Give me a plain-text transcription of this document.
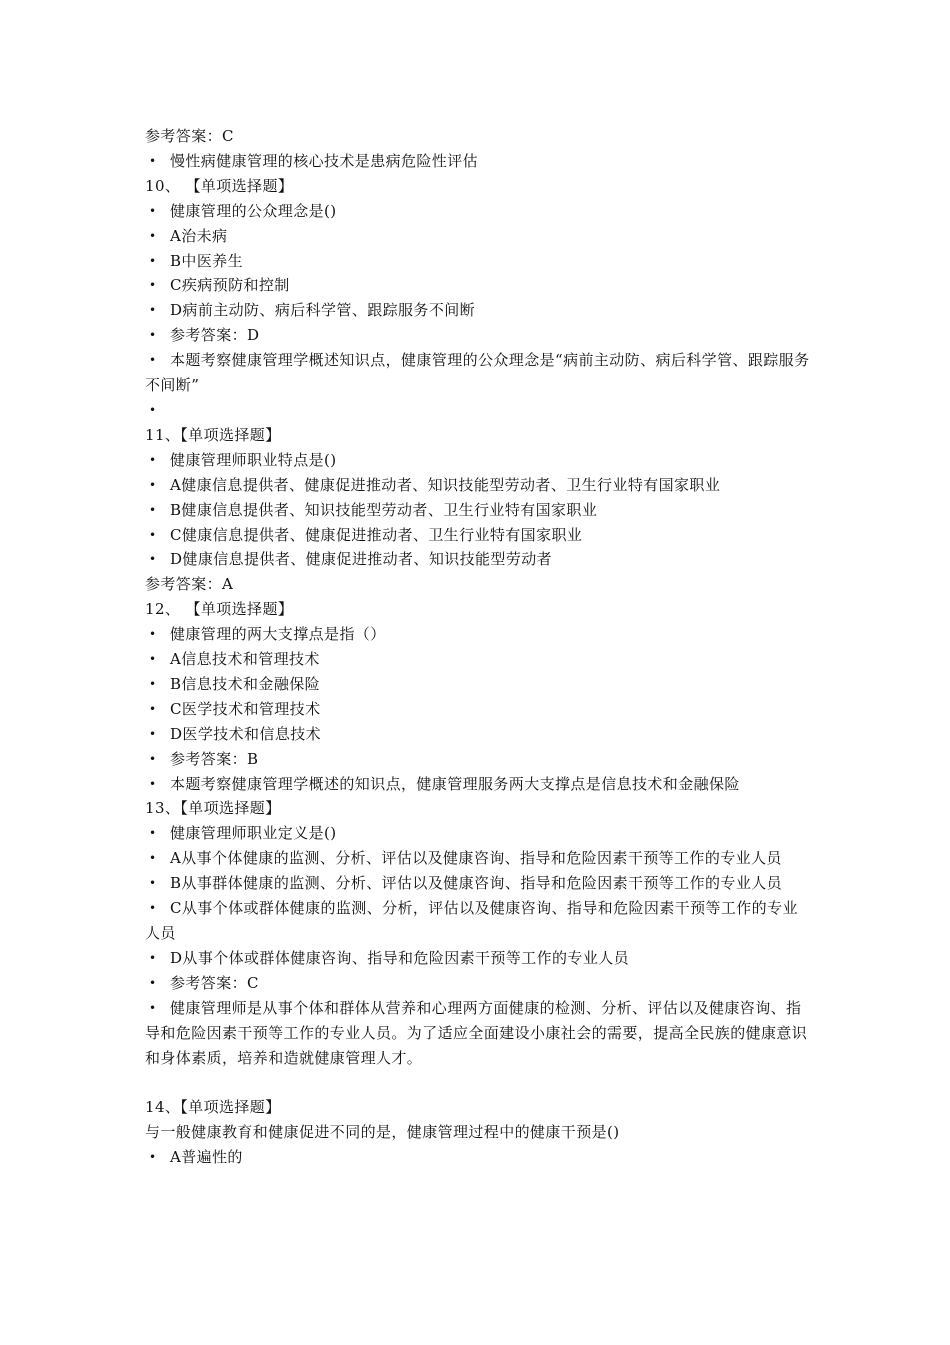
参考答案：C
• 慢性病健康管理的核心技术是患病危险性评估
10、 【单项选择题】
• 健康管理的公众理念是()
• A治未病
• B中医养生
• C疾病预防和控制
• D病前主动防、病后科学管、跟踪服务不间断
• 参考答案：D
• 本题考察健康管理学概述知识点，健康管理的公众理念是“病前主动防、病后科学管、跟踪服务不间断”
•
11、【单项选择题】
• 健康管理师职业特点是()
• A健康信息提供者、健康促进推动者、知识技能型劳动者、卫生行业特有国家职业
• B健康信息提供者、知识技能型劳动者、卫生行业特有国家职业
• C健康信息提供者、健康促进推动者、卫生行业特有国家职业
• D健康信息提供者、健康促进推动者、知识技能型劳动者
参考答案：A
12、 【单项选择题】
• 健康管理的两大支撑点是指（）
• A信息技术和管理技术
• B信息技术和金融保险
• C医学技术和管理技术
• D医学技术和信息技术
• 参考答案：B
• 本题考察健康管理学概述的知识点，健康管理服务两大支撑点是信息技术和金融保险
13、【单项选择题】
• 健康管理师职业定义是()
• A从事个体健康的监测、分析、评估以及健康咨询、指导和危险因素干预等工作的专业人员
• B从事群体健康的监测、分析、评估以及健康咨询、指导和危险因素干预等工作的专业人员
• C从事个体或群体健康的监测、分析，评估以及健康咨询、指导和危险因素干预等工作的专业人员
• D从事个体或群体健康咨询、指导和危险因素干预等工作的专业人员
• 参考答案：C
• 健康管理师是从事个体和群体从营养和心理两方面健康的检测、分析、评估以及健康咨询、指导和危险因素干预等工作的专业人员。为了适应全面建设小康社会的需要，提高全民族的健康意识和身体素质，培养和造就健康管理人才。
14、【单项选择题】
与一般健康教育和健康促进不同的是，健康管理过程中的健康干预是()
• A普遍性的
